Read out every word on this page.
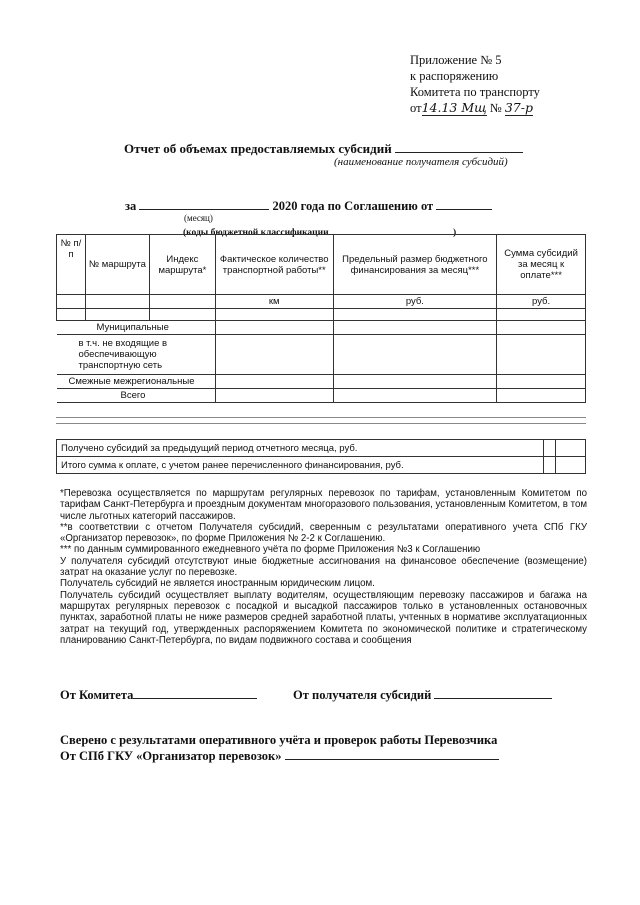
Приложение № 5
к распоряжению
Комитета по транспорту
от14.13 Мщ № 37-р
Отчет об объемах предоставляемых субсидий
(наименование получателя субсидий)
за	2020 года по Соглашению от
(месяц)
(коды бюджетной классификации	)
№ п/п	№ маршрута	Индекс маршрута*	Фактическое количество транспортной работы**	Предельный размер бюджетного финансирования за месяц***	Сумма субсидий за месяц к оплате***
			км	руб.	руб.

Муниципальные					

в т.ч. не входящие в обеспечивающую транспортную сеть					

Смежные межрегиональные					
Всего					
Получено субсидий за предыдущий период отчетного месяца, руб.		
Итого сумма к оплате, с учетом ранее перечисленного финансирования, руб.		

*Перевозка осуществляется по маршрутам регулярных перевозок по тарифам, установленным Комитетом по тарифам Санкт-Петербурга и проездным документам многоразового пользования, установленным Комитетом, в том числе льготных категорий пассажиров.

**в соответствии с отчетом Получателя субсидий, сверенным с результатами оперативного учета СПб ГКУ «Организатор перевозок», по форме Приложения № 2-2 к Соглашению.

*** по данным суммированного ежедневного учёта по форме Приложения №3 к Соглашению

У получателя субсидий отсутствуют иные бюджетные ассигнования на финансовое обеспечение (возмещение) затрат на оказание услуг по перевозке.

Получатель субсидий не является иностранным юридическим лицом.

Получатель субсидий осуществляет выплату водителям, осуществляющим перевозку пассажиров и багажа на маршрутах регулярных перевозок с посадкой и высадкой пассажиров только в установленных остановочных пунктах, заработной платы не ниже размеров средней заработной платы, учтенных в нормативе эксплуатационных затрат на текущий год, утвержденных распоряжением Комитета по экономической политике и стратегическому планированию Санкт-Петербурга, по видам подвижного состава и сообщения

От Комитета	От получателя субсидий
Сверено с результатами оперативного учёта и проверок работы Перевозчика
От СПб ГКУ «Организатор перевозок»
